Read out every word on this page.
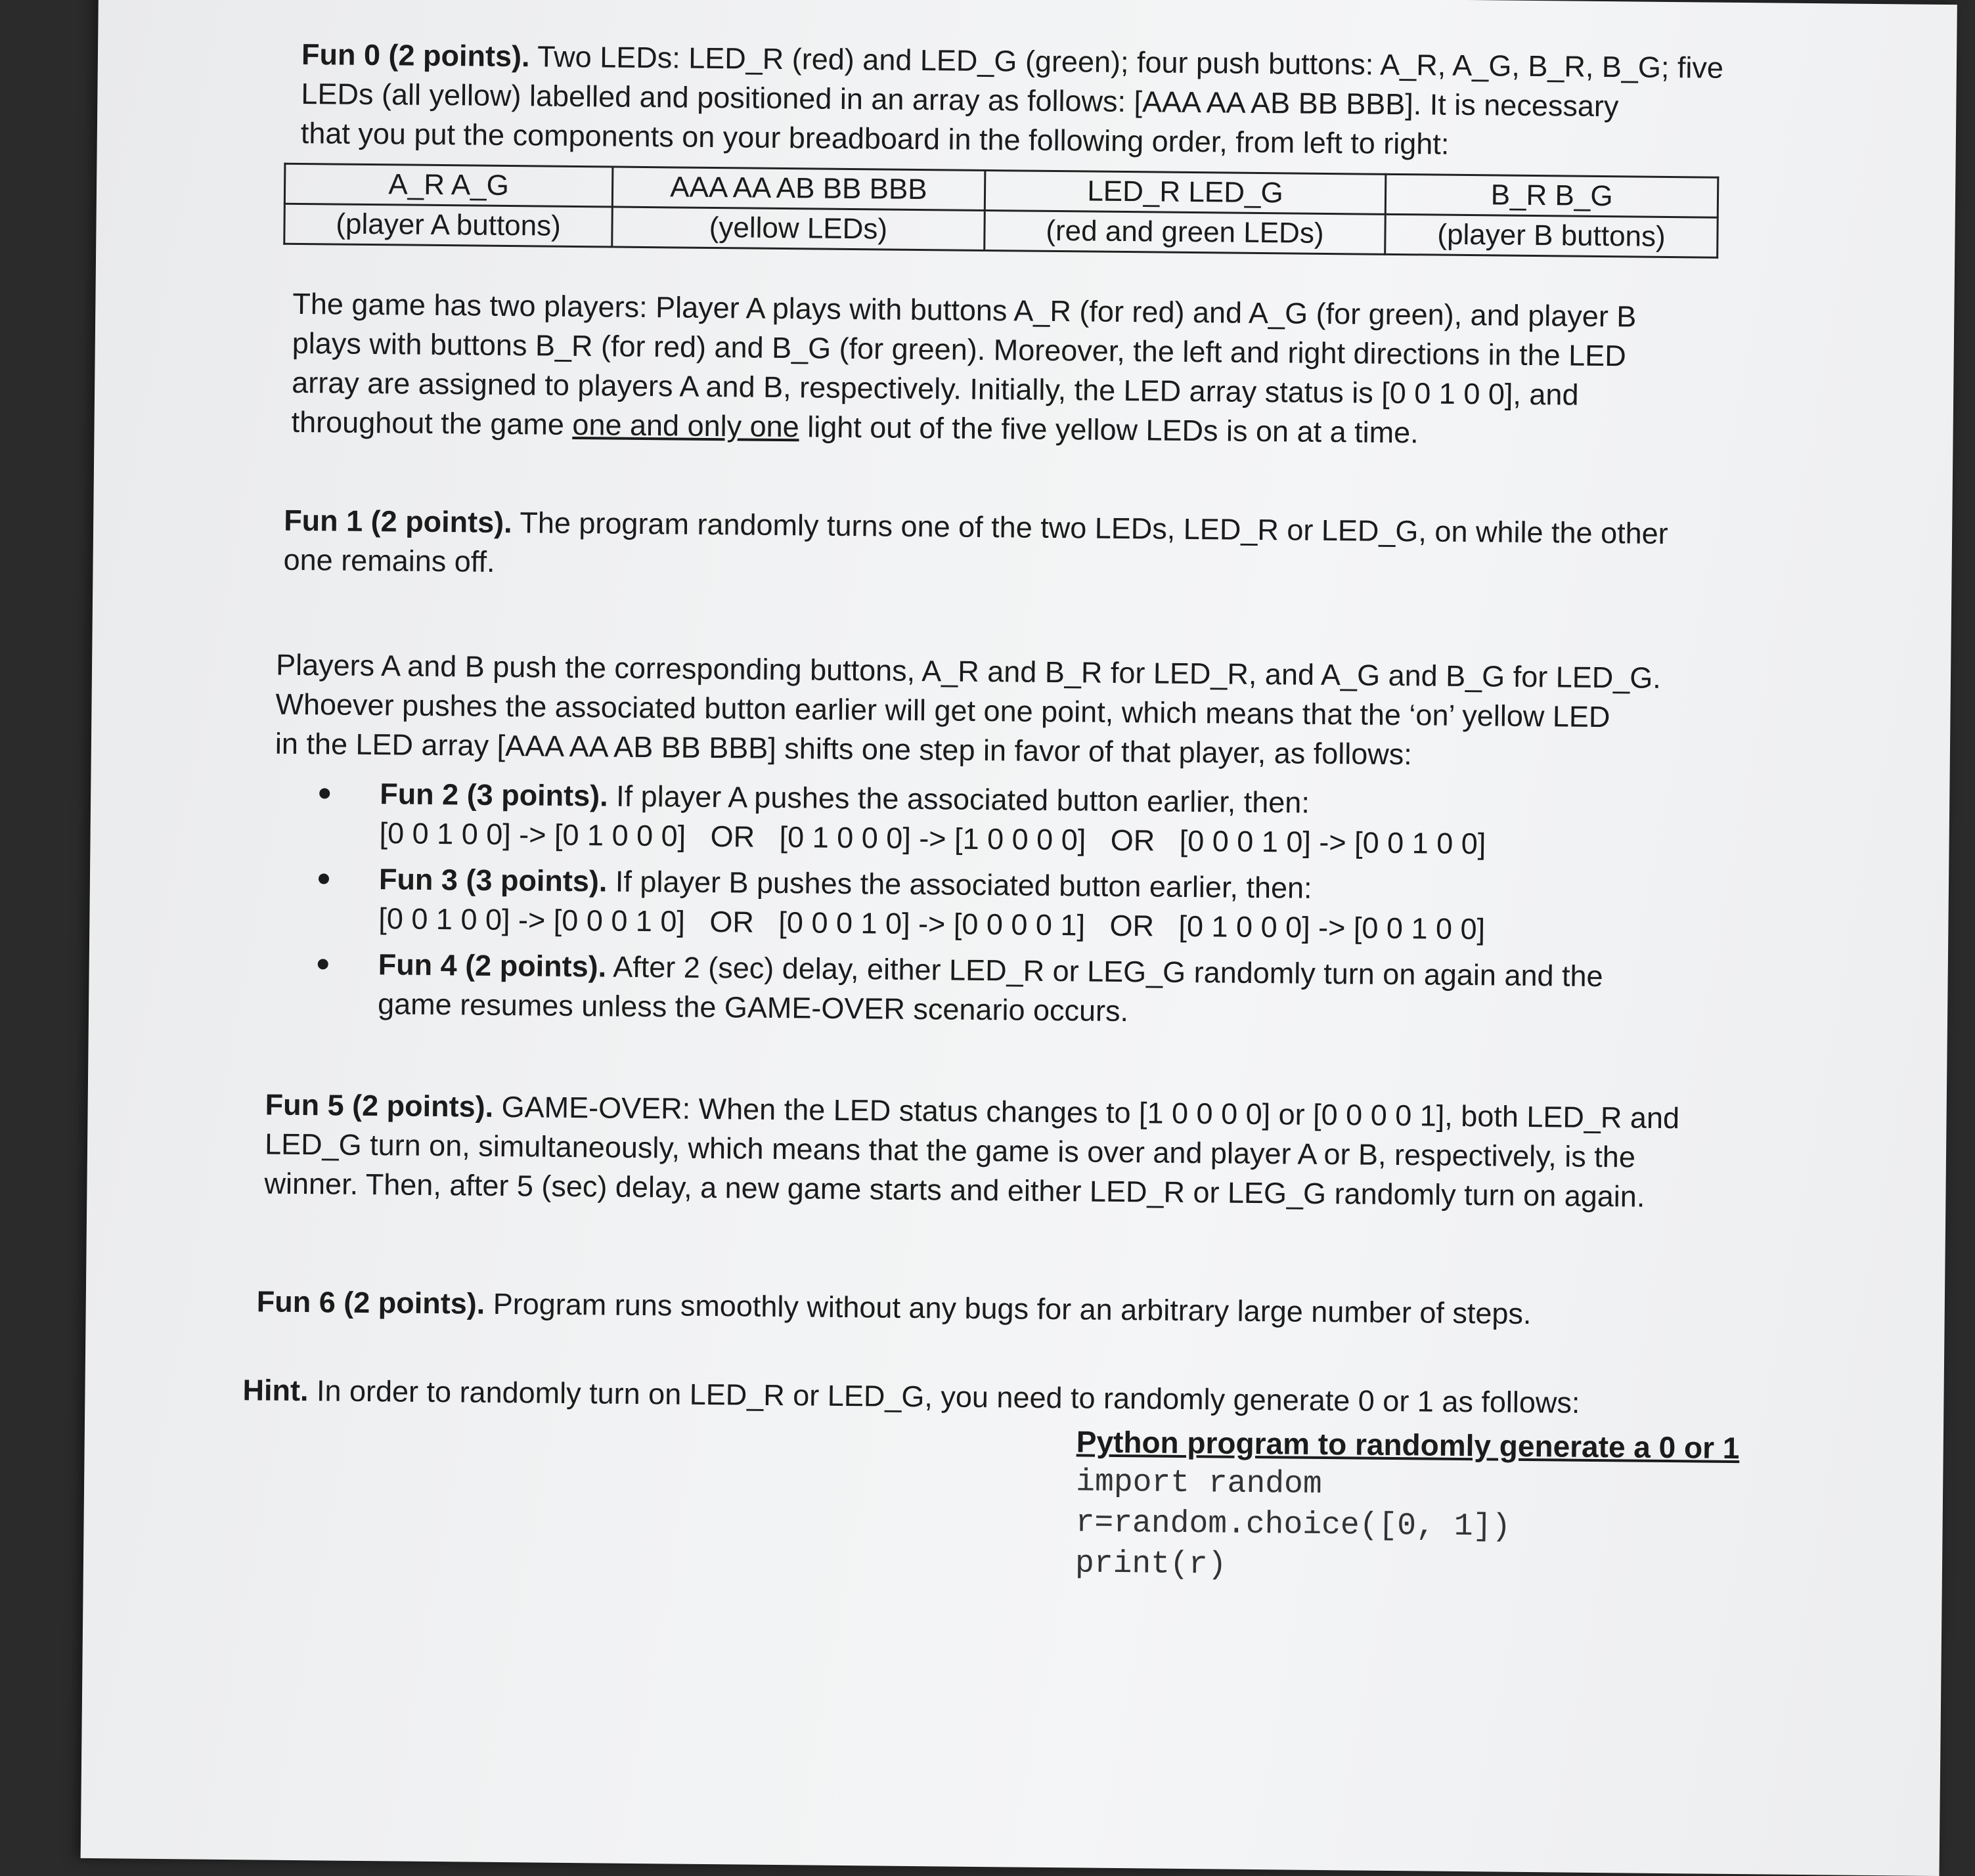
Fun 0 (2 points). Two LEDs: LED_R (red) and LED_G (green); four push buttons: A_R, A_G, B_R, B_G; five

LEDs (all yellow) labelled and positioned in an array as follows: [AAA AA AB BB BBB]. It is necessary

that you put the components on your breadboard in the following order, from left to right:

A_R A_G	AAA AA AB BB BBB	LED_R LED_G	B_R B_G
(player A buttons)	(yellow LEDs)	(red and green LEDs)	(player B buttons)

The game has two players: Player A plays with buttons A_R (for red) and A_G (for green), and player B

plays with buttons B_R (for red) and B_G (for green). Moreover, the left and right directions in the LED

array are assigned to players A and B, respectively. Initially, the LED array status is [0 0 1 0 0], and

throughout the game one and only one light out of the five yellow LEDs is on at a time.

Fun 1 (2 points). The program randomly turns one of the two LEDs, LED_R or LED_G, on while the other

one remains off.

Players A and B push the corresponding buttons, A_R and B_R for LED_R, and A_G and B_G for LED_G.

Whoever pushes the associated button earlier will get one point, which means that the ‘on’ yellow LED

in the LED array [AAA AA AB BB BBB] shifts one step in favor of that player, as follows:

Fun 2 (3 points). If player A pushes the associated button earlier, then:

[0 0 1 0 0] -> [0 1 0 0 0]   OR   [0 1 0 0 0] -> [1 0 0 0 0]   OR   [0 0 0 1 0] -> [0 0 1 0 0]

Fun 3 (3 points). If player B pushes the associated button earlier, then:

[0 0 1 0 0] -> [0 0 0 1 0]   OR   [0 0 0 1 0] -> [0 0 0 0 1]   OR   [0 1 0 0 0] -> [0 0 1 0 0]

Fun 4 (2 points). After 2 (sec) delay, either LED_R or LEG_G randomly turn on again and the

game resumes unless the GAME-OVER scenario occurs.

Fun 5 (2 points). GAME-OVER: When the LED status changes to [1 0 0 0 0] or [0 0 0 0 1], both LED_R and

LED_G turn on, simultaneously, which means that the game is over and player A or B, respectively, is the

winner. Then, after 5 (sec) delay, a new game starts and either LED_R or LEG_G randomly turn on again.

Fun 6 (2 points). Program runs smoothly without any bugs for an arbitrary large number of steps.

Hint. In order to randomly turn on LED_R or LED_G, you need to randomly generate 0 or 1 as follows:

Python program to randomly generate a 0 or 1
import random
r=random.choice([0, 1])
print(r)
